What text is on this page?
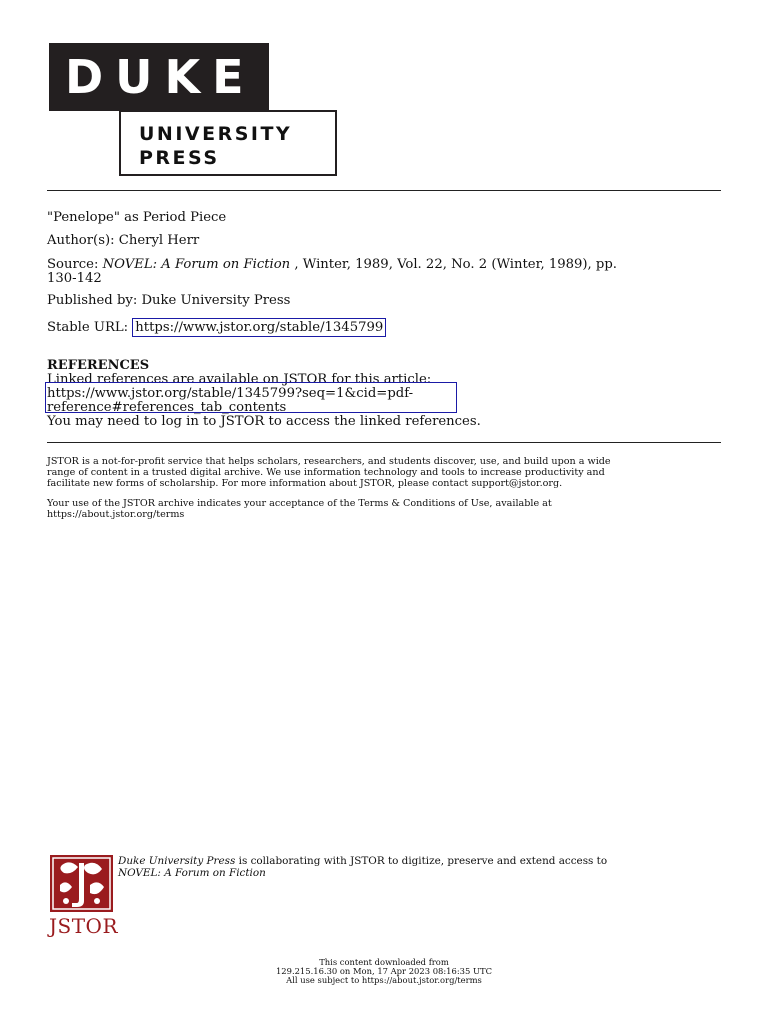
DUKE
UNIVERSITY
PRESS
"Penelope" as Period Piece
Author(s): Cheryl Herr
Source: NOVEL: A Forum on Fiction , Winter, 1989, Vol. 22, No. 2 (Winter, 1989), pp.
130-142
Published by: Duke University Press
Stable URL: https://www.jstor.org/stable/1345799
REFERENCES
Linked references are available on JSTOR for this article:
https://www.jstor.org/stable/1345799?seq=1&cid=pdf-
reference#references_tab_contents
You may need to log in to JSTOR to access the linked references.
JSTOR is a not-for-profit service that helps scholars, researchers, and students discover, use, and build upon a wide
range of content in a trusted digital archive. We use information technology and tools to increase productivity and
facilitate new forms of scholarship. For more information about JSTOR, please contact support@jstor.org.
Your use of the JSTOR archive indicates your acceptance of the Terms & Conditions of Use, available at
https://about.jstor.org/terms
JSTOR
Duke University Press is collaborating with JSTOR to digitize, preserve and extend access to
NOVEL: A Forum on Fiction
This content downloaded from
129.215.16.30 on Mon, 17 Apr 2023 08:16:35 UTC
All use subject to https://about.jstor.org/terms
